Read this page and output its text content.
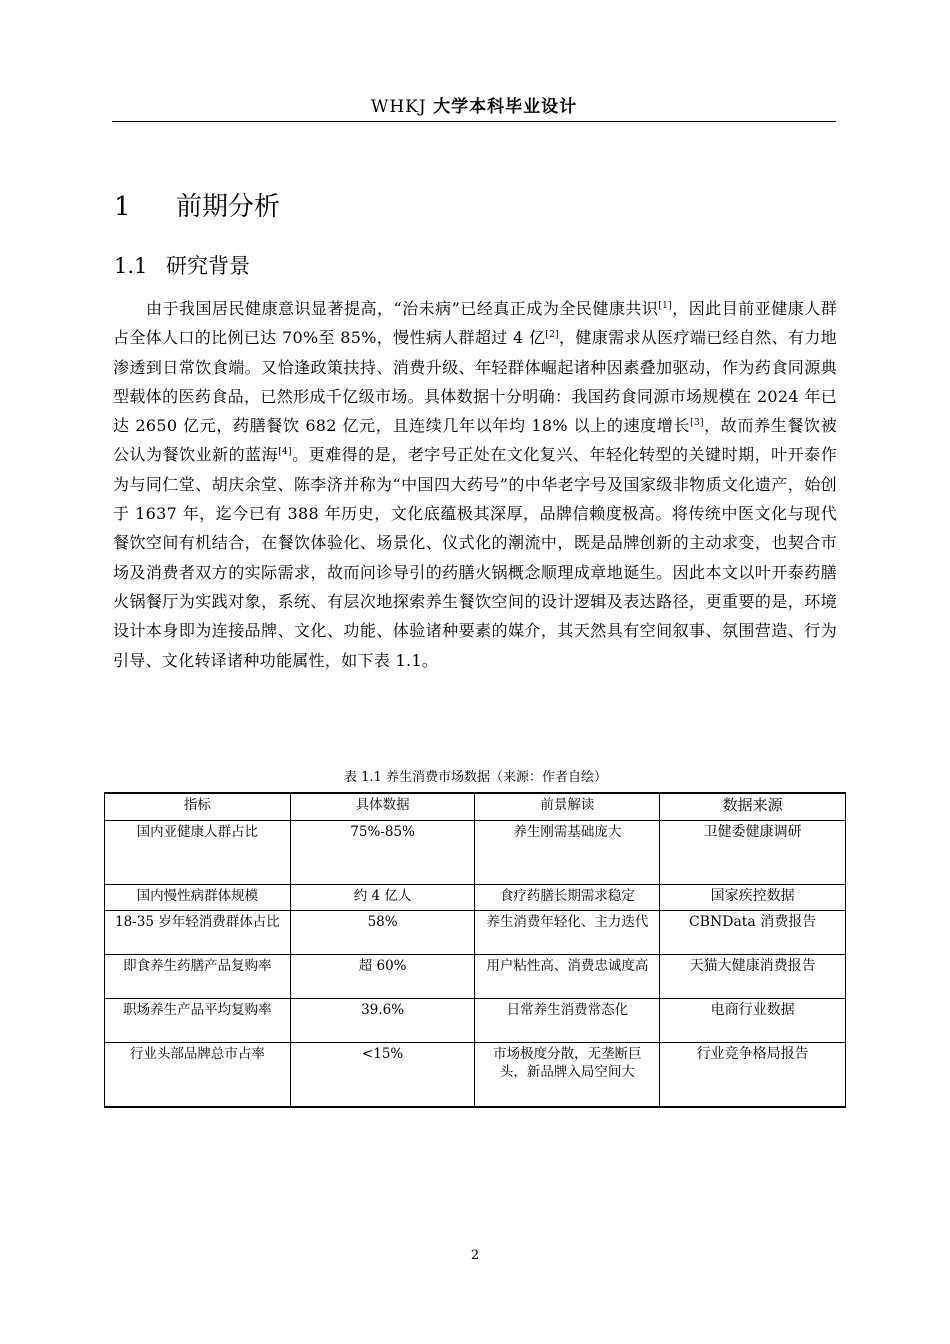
WHKJ 大学本科毕业设计
1 前期分析
1.1 研究背景

由于我国居民健康意识显著提高，“治未病”已经真正成为全民健康共识[1]，因此目前亚健康人群占全体人口的比例已达 70%至 85%，慢性病人群超过 4 亿[2]，健康需求从医疗端已经自然、有力地渗透到日常饮食端。又恰逢政策扶持、消费升级、年轻群体崛起诸种因素叠加驱动，作为药食同源典型载体的医药食品，已然形成千亿级市场。具体数据十分明确：我国药食同源市场规模在 2024 年已达 2650 亿元，药膳餐饮 682 亿元，且连续几年以年均 18% 以上的速度增长[3]，故而养生餐饮被公认为餐饮业新的蓝海[4]。更难得的是，老字号正处在文化复兴、年轻化转型的关键时期，叶开泰作为与同仁堂、胡庆余堂、陈李济并称为“中国四大药号”的中华老字号及国家级非物质文化遗产，始创于 1637 年，迄今已有 388 年历史，文化底蕴极其深厚，品牌信赖度极高。将传统中医文化与现代餐饮空间有机结合，在餐饮体验化、场景化、仪式化的潮流中，既是品牌创新的主动求变，也契合市场及消费者双方的实际需求，故而问诊导引的药膳火锅概念顺理成章地诞生。因此本文以叶开泰药膳火锅餐厅为实践对象，系统、有层次地探索养生餐饮空间的设计逻辑及表达路径，更重要的是，环境设计本身即为连接品牌、文化、功能、体验诸种要素的媒介，其天然具有空间叙事、氛围营造、行为引导、文化转译诸种功能属性，如下表 1.1。

表 1.1 养生消费市场数据（来源：作者自绘）
指标	具体数据	前景解读	数据来源
国内亚健康人群占比	75%-85%	养生刚需基础庞大	卫健委健康调研
国内慢性病群体规模	约 4 亿人	食疗药膳长期需求稳定	国家疾控数据
18-35 岁年轻消费群体占比	58%	养生消费年轻化、主力迭代	CBNData 消费报告
即食养生药膳产品复购率	超 60%	用户粘性高、消费忠诚度高	天猫大健康消费报告
职场养生产品平均复购率	39.6%	日常养生消费常态化	电商行业数据
行业头部品牌总市占率	<15%	市场极度分散，无垄断巨头，新品牌入局空间大	行业竞争格局报告
2
